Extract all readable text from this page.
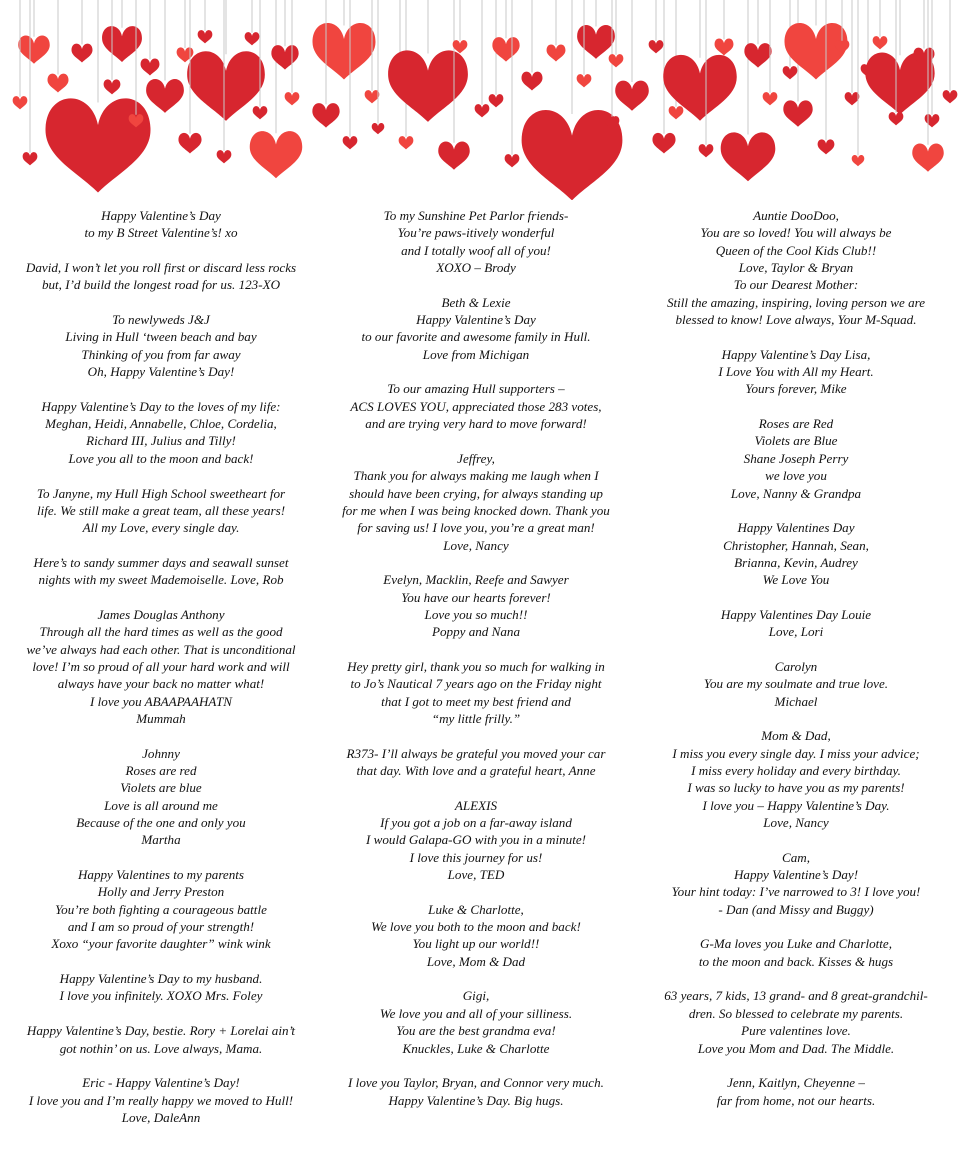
Happy Valentine’s Day
to my B Street Valentine’s! xo
David, I won’t let you roll first or discard less rocks
but, I’d build the longest road for us. 123-XO
To newlyweds J&J
Living in Hull ‘tween beach and bay
Thinking of you from far away
Oh, Happy Valentine’s Day!
Happy Valentine’s Day to the loves of my life:
Meghan, Heidi, Annabelle, Chloe, Cordelia,
Richard III, Julius and Tilly!
Love you all to the moon and back!
To Janyne, my Hull High School sweetheart for
life. We still make a great team, all these years!
All my Love, every single day.
Here’s to sandy summer days and seawall sunset
nights with my sweet Mademoiselle. Love, Rob
James Douglas Anthony
Through all the hard times as well as the good
we’ve always had each other. That is unconditional
love! I’m so proud of all your hard work and will
always have your back no matter what!
I love you ABAAPAAHATN
Mummah
Johnny
Roses are red
Violets are blue
Love is all around me
Because of the one and only you
Martha
Happy Valentines to my parents
Holly and Jerry Preston
You’re both fighting a courageous battle
and I am so proud of your strength!
Xoxo “your favorite daughter” wink wink
Happy Valentine’s Day to my husband.
I love you infinitely. XOXO Mrs. Foley
Happy Valentine’s Day, bestie. Rory + Lorelai ain’t
got nothin’ on us. Love always, Mama.
Eric - Happy Valentine’s Day!
I love you and I’m really happy we moved to Hull!
Love, DaleAnn
To my Sunshine Pet Parlor friends-
You’re paws-itively wonderful
and I totally woof all of you!
XOXO – Brody
Beth & Lexie
Happy Valentine’s Day
to our favorite and awesome family in Hull.
Love from Michigan
To our amazing Hull supporters –
ACS LOVES YOU, appreciated those 283 votes,
and are trying very hard to move forward!
Jeffrey,
Thank you for always making me laugh when I
should have been crying, for always standing up
for me when I was being knocked down. Thank you
for saving us! I love you, you’re a great man!
Love, Nancy
Evelyn, Macklin, Reefe and Sawyer
You have our hearts forever!
Love you so much!!
Poppy and Nana
Hey pretty girl, thank you so much for walking in
to Jo’s Nautical 7 years ago on the Friday night
that I got to meet my best friend and
“my little frilly.”
R373- I’ll always be grateful you moved your car
that day. With love and a grateful heart, Anne
ALEXIS
If you got a job on a far-away island
I would Galapa-GO with you in a minute!
I love this journey for us!
Love, TED
Luke & Charlotte,
We love you both to the moon and back!
You light up our world!!
Love, Mom & Dad
Gigi,
We love you and all of your silliness.
You are the best grandma eva!
Knuckles, Luke & Charlotte
I love you Taylor, Bryan, and Connor very much.
Happy Valentine’s Day. Big hugs.
Auntie DooDoo,
You are so loved! You will always be
Queen of the Cool Kids Club!!
Love, Taylor & Bryan
To our Dearest Mother:
Still the amazing, inspiring, loving person we are
blessed to know! Love always, Your M-Squad.
Happy Valentine’s Day Lisa,
I Love You with All my Heart.
Yours forever, Mike
Roses are Red
Violets are Blue
Shane Joseph Perry
we love you
Love, Nanny & Grandpa
Happy Valentines Day
Christopher, Hannah, Sean,
Brianna, Kevin, Audrey
We Love You
Happy Valentines Day Louie
Love, Lori
Carolyn
You are my soulmate and true love.
Michael
Mom & Dad,
I miss you every single day. I miss your advice;
I miss every holiday and every birthday.
I was so lucky to have you as my parents!
I love you – Happy Valentine’s Day.
Love, Nancy
Cam,
Happy Valentine’s Day!
Your hint today: I’ve narrowed to 3! I love you!
- Dan (and Missy and Buggy)
G-Ma loves you Luke and Charlotte,
to the moon and back. Kisses & hugs
63 years, 7 kids, 13 grand- and 8 great-grandchil-
dren. So blessed to celebrate my parents.
Pure valentines love.
Love you Mom and Dad. The Middle.
Jenn, Kaitlyn, Cheyenne –
far from home, not our hearts.
